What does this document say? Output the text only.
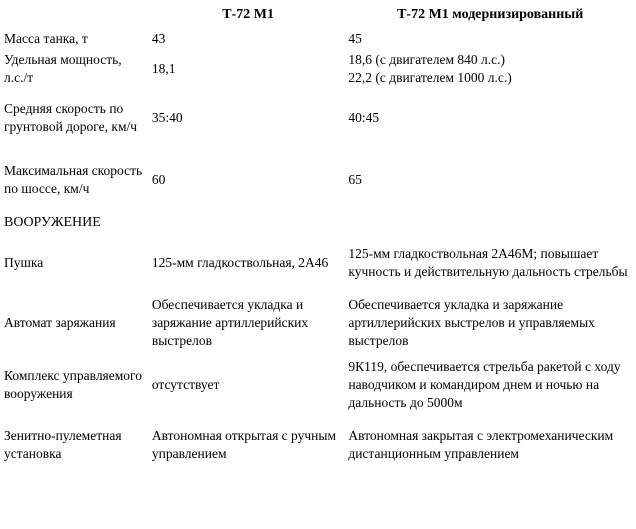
	Т-72 М1	Т-72 М1 модернизированный
Масса танка, т	43	45
Удельная мощность, л.с./т	18,1	18,6 (с двигателем 840 л.с.)
22,2 (с двигателем 1000 л.с.)

Средняя скорость по грунтовой дороге, км/ч	35:40	40:45
Максимальная скорость по шоссе, км/ч	60	65
ВООРУЖЕНИЕ		
Пушка	125-мм гладкоствольная, 2А46	125-мм гладкоствольная 2А46М; повышает кучность и действительную дальность стрельбы
Автомат заряжания	Обеспечивается укладка и заряжание артиллерийских выстрелов	Обеспечивается укладка и заряжание артиллерийских выстрелов и управляемых выстрелов
Комплекс управляемого вооружения	отсутствует	9К119, обеспечивается стрельба ракетой с ходу наводчиком и командиром днем и ночью на дальность до 5000м
Зенитно-пулеметная установка	Автономная открытая с ручным управлением	Автономная закрытая с электромеханическим дистанционным управлением
